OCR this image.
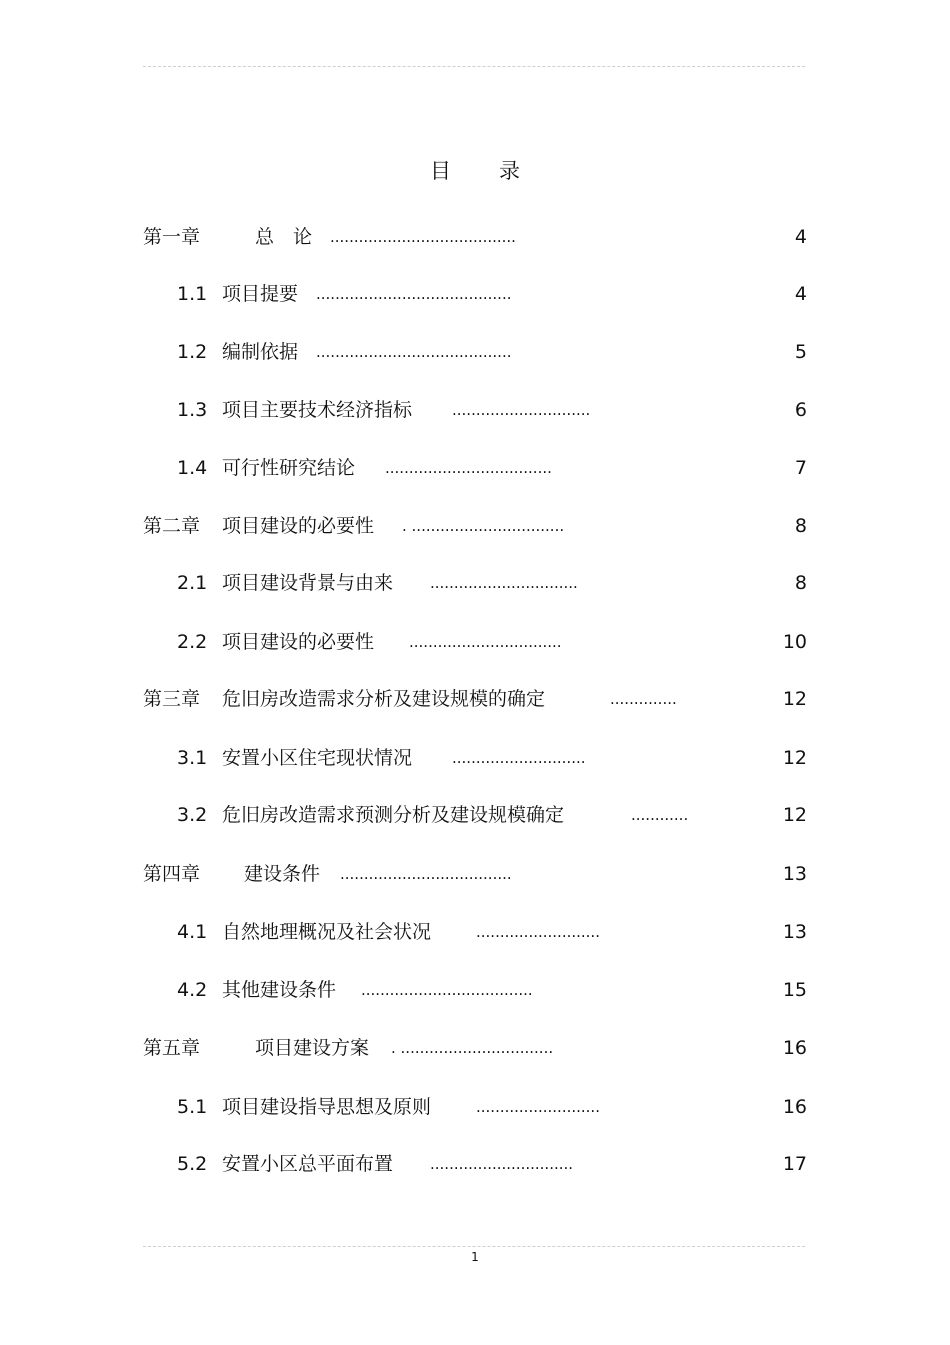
目 录
第一章	总　论 .......................................	4
1.1 项目提要 .........................................	4
1.2 编制依据 .........................................	5
1.3 项目主要技术经济指标	.............................	6
1.4 可行性研究结论 ...................................	7
第二章 项目建设的必要性 . ................................	8
2.1 项目建设背景与由来 ...............................	8
2.2 项目建设的必要性 ................................	10
第三章 危旧房改造需求分析及建设规模的确定	..............	12
3.1 安置小区住宅现状情况	............................	12
3.2 危旧房改造需求预测分析及建设规模确定	............	12
第四章 建设条件 ....................................	13
4.1 自然地理概况及社会状况	..........................	13
4.2 其他建设条件 ....................................	15
第五章	项目建设方案 . ................................	16
5.1 项目建设指导思想及原则	..........................	16
5.2 安置小区总平面布置 ..............................	17
1
